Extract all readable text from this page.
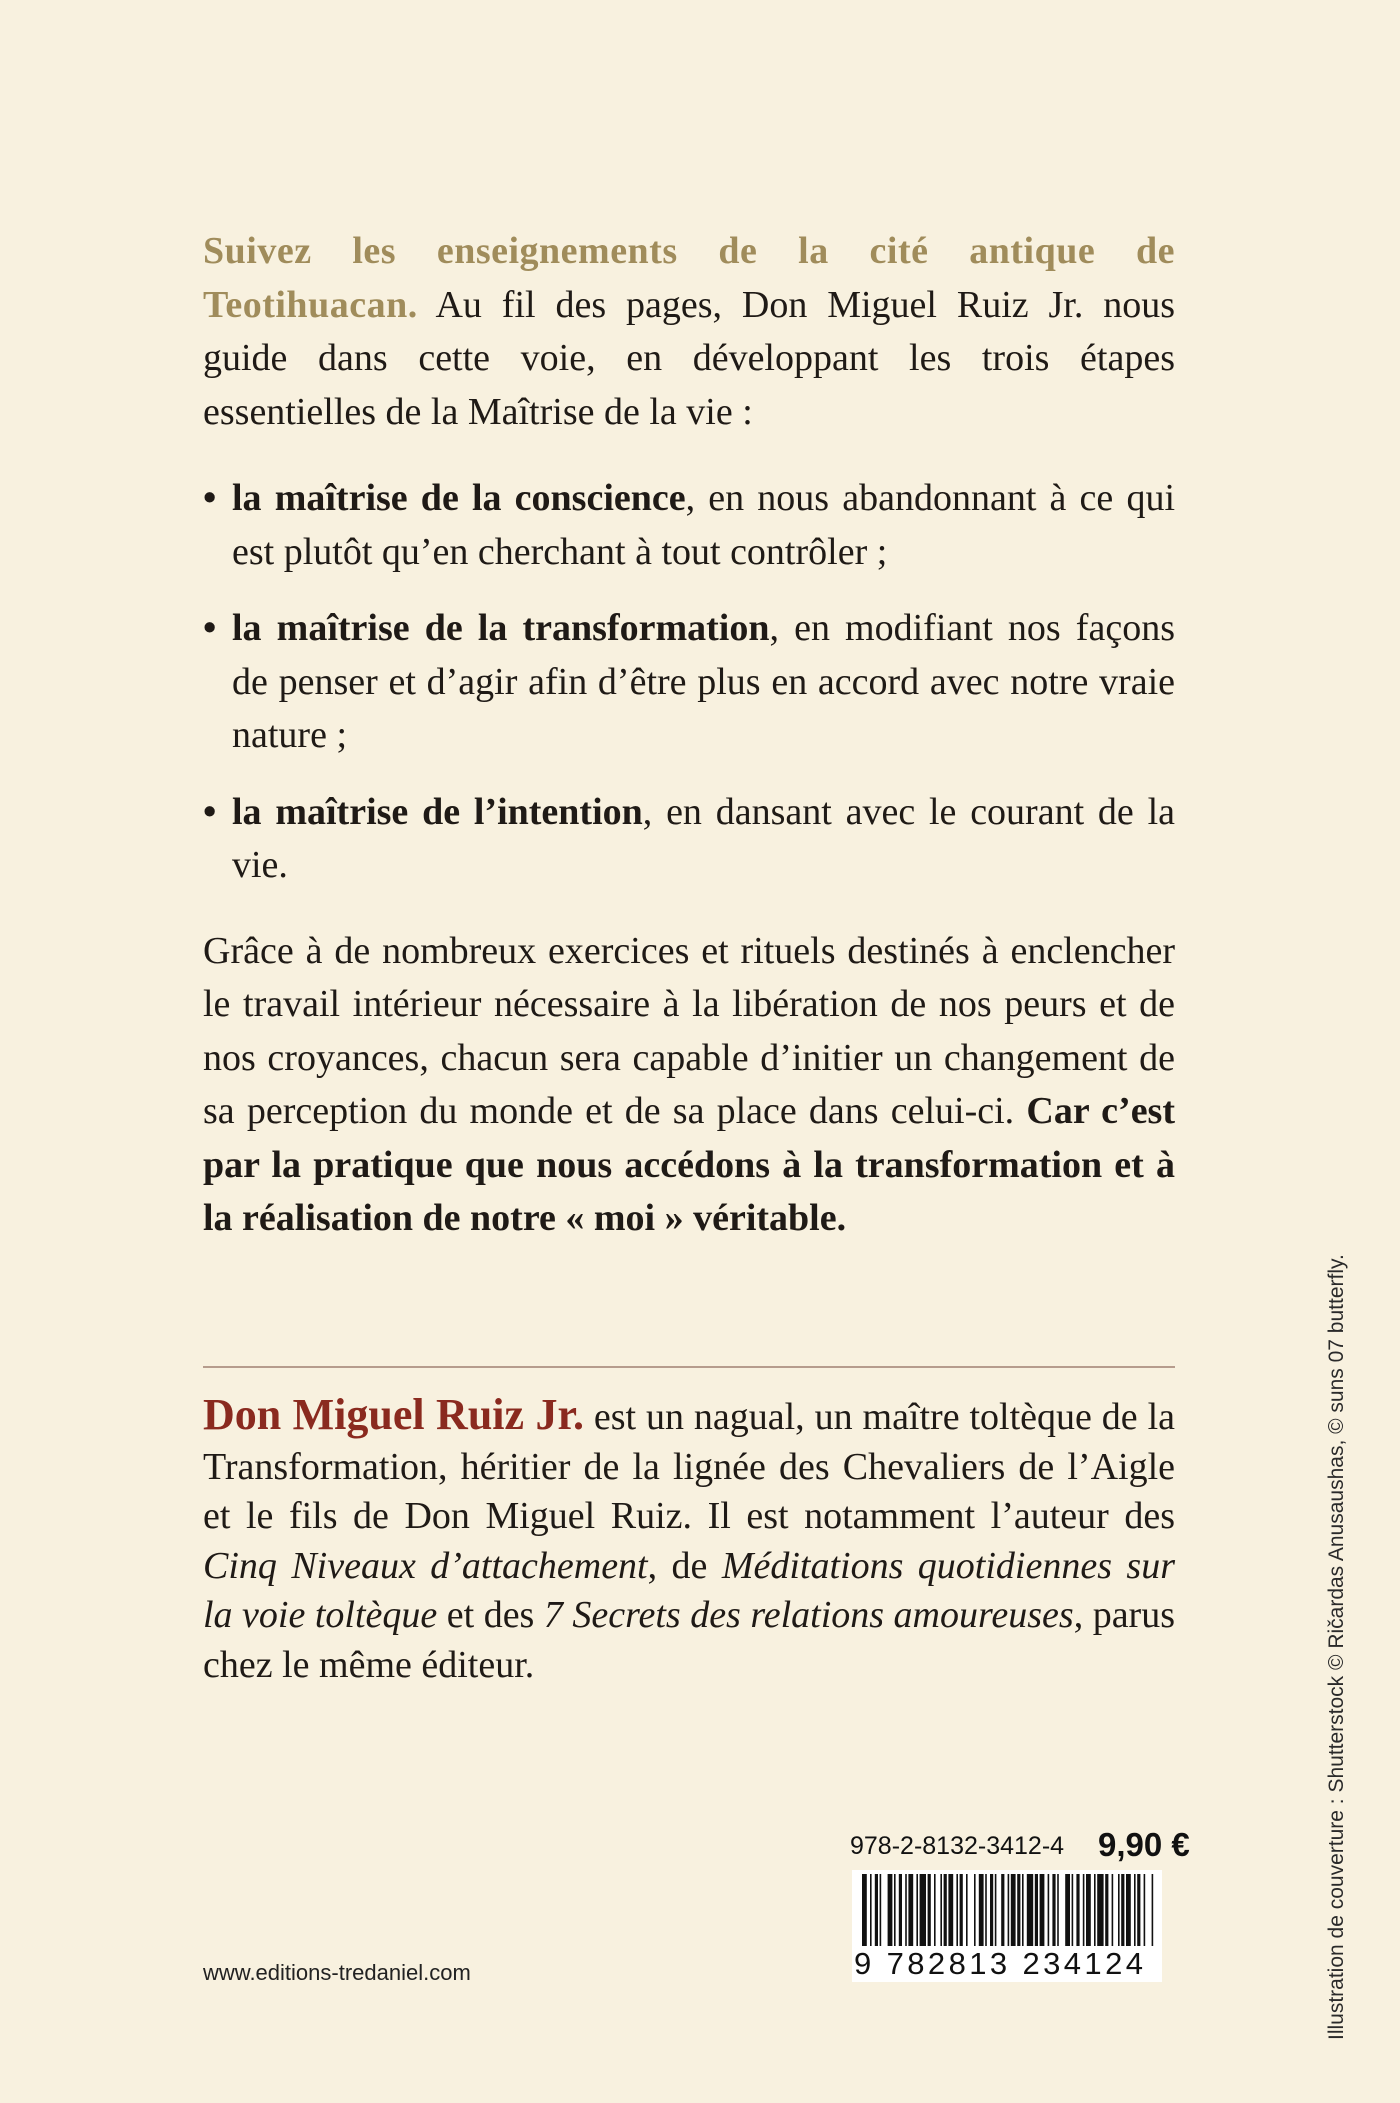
Suivez les enseignements de la cité antique de Teotihuacan. Au fil des pages, Don Miguel Ruiz Jr. nous guide dans cette voie, en développant les trois étapes essentielles de la Maîtrise de la vie :

• la maîtrise de la conscience, en nous abandonnant à ce qui est plutôt qu’en cherchant à tout contrôler ;
• la maîtrise de la transformation, en modifiant nos façons de penser et d’agir afin d’être plus en accord avec notre vraie nature ;
• la maîtrise de l’intention, en dansant avec le courant de la vie.

Grâce à de nombreux exercices et rituels destinés à enclencher le travail intérieur nécessaire à la libération de nos peurs et de nos croyances, chacun sera capable d’initier un changement de sa perception du monde et de sa place dans celui-ci. Car c’est par la pratique que nous accédons à la transformation et à la réalisation de notre « moi » véritable.

Don Miguel Ruiz Jr. est un nagual, un maître toltèque de la Transformation, héritier de la lignée des Chevaliers de l’Aigle et le fils de Don Miguel Ruiz. Il est notamment l’auteur des Cinq Niveaux d’attachement, de Méditations quotidiennes sur la voie toltèque et des 7 Secrets des relations amoureuses, parus chez le même éditeur.
978-2-8132-3412-4 9,90 €
9 782813 234124
www.editions-tredaniel.com	Illustration de couverture : Shutterstock © Ričardas Anusaushas, © suns 07 butterfly.
